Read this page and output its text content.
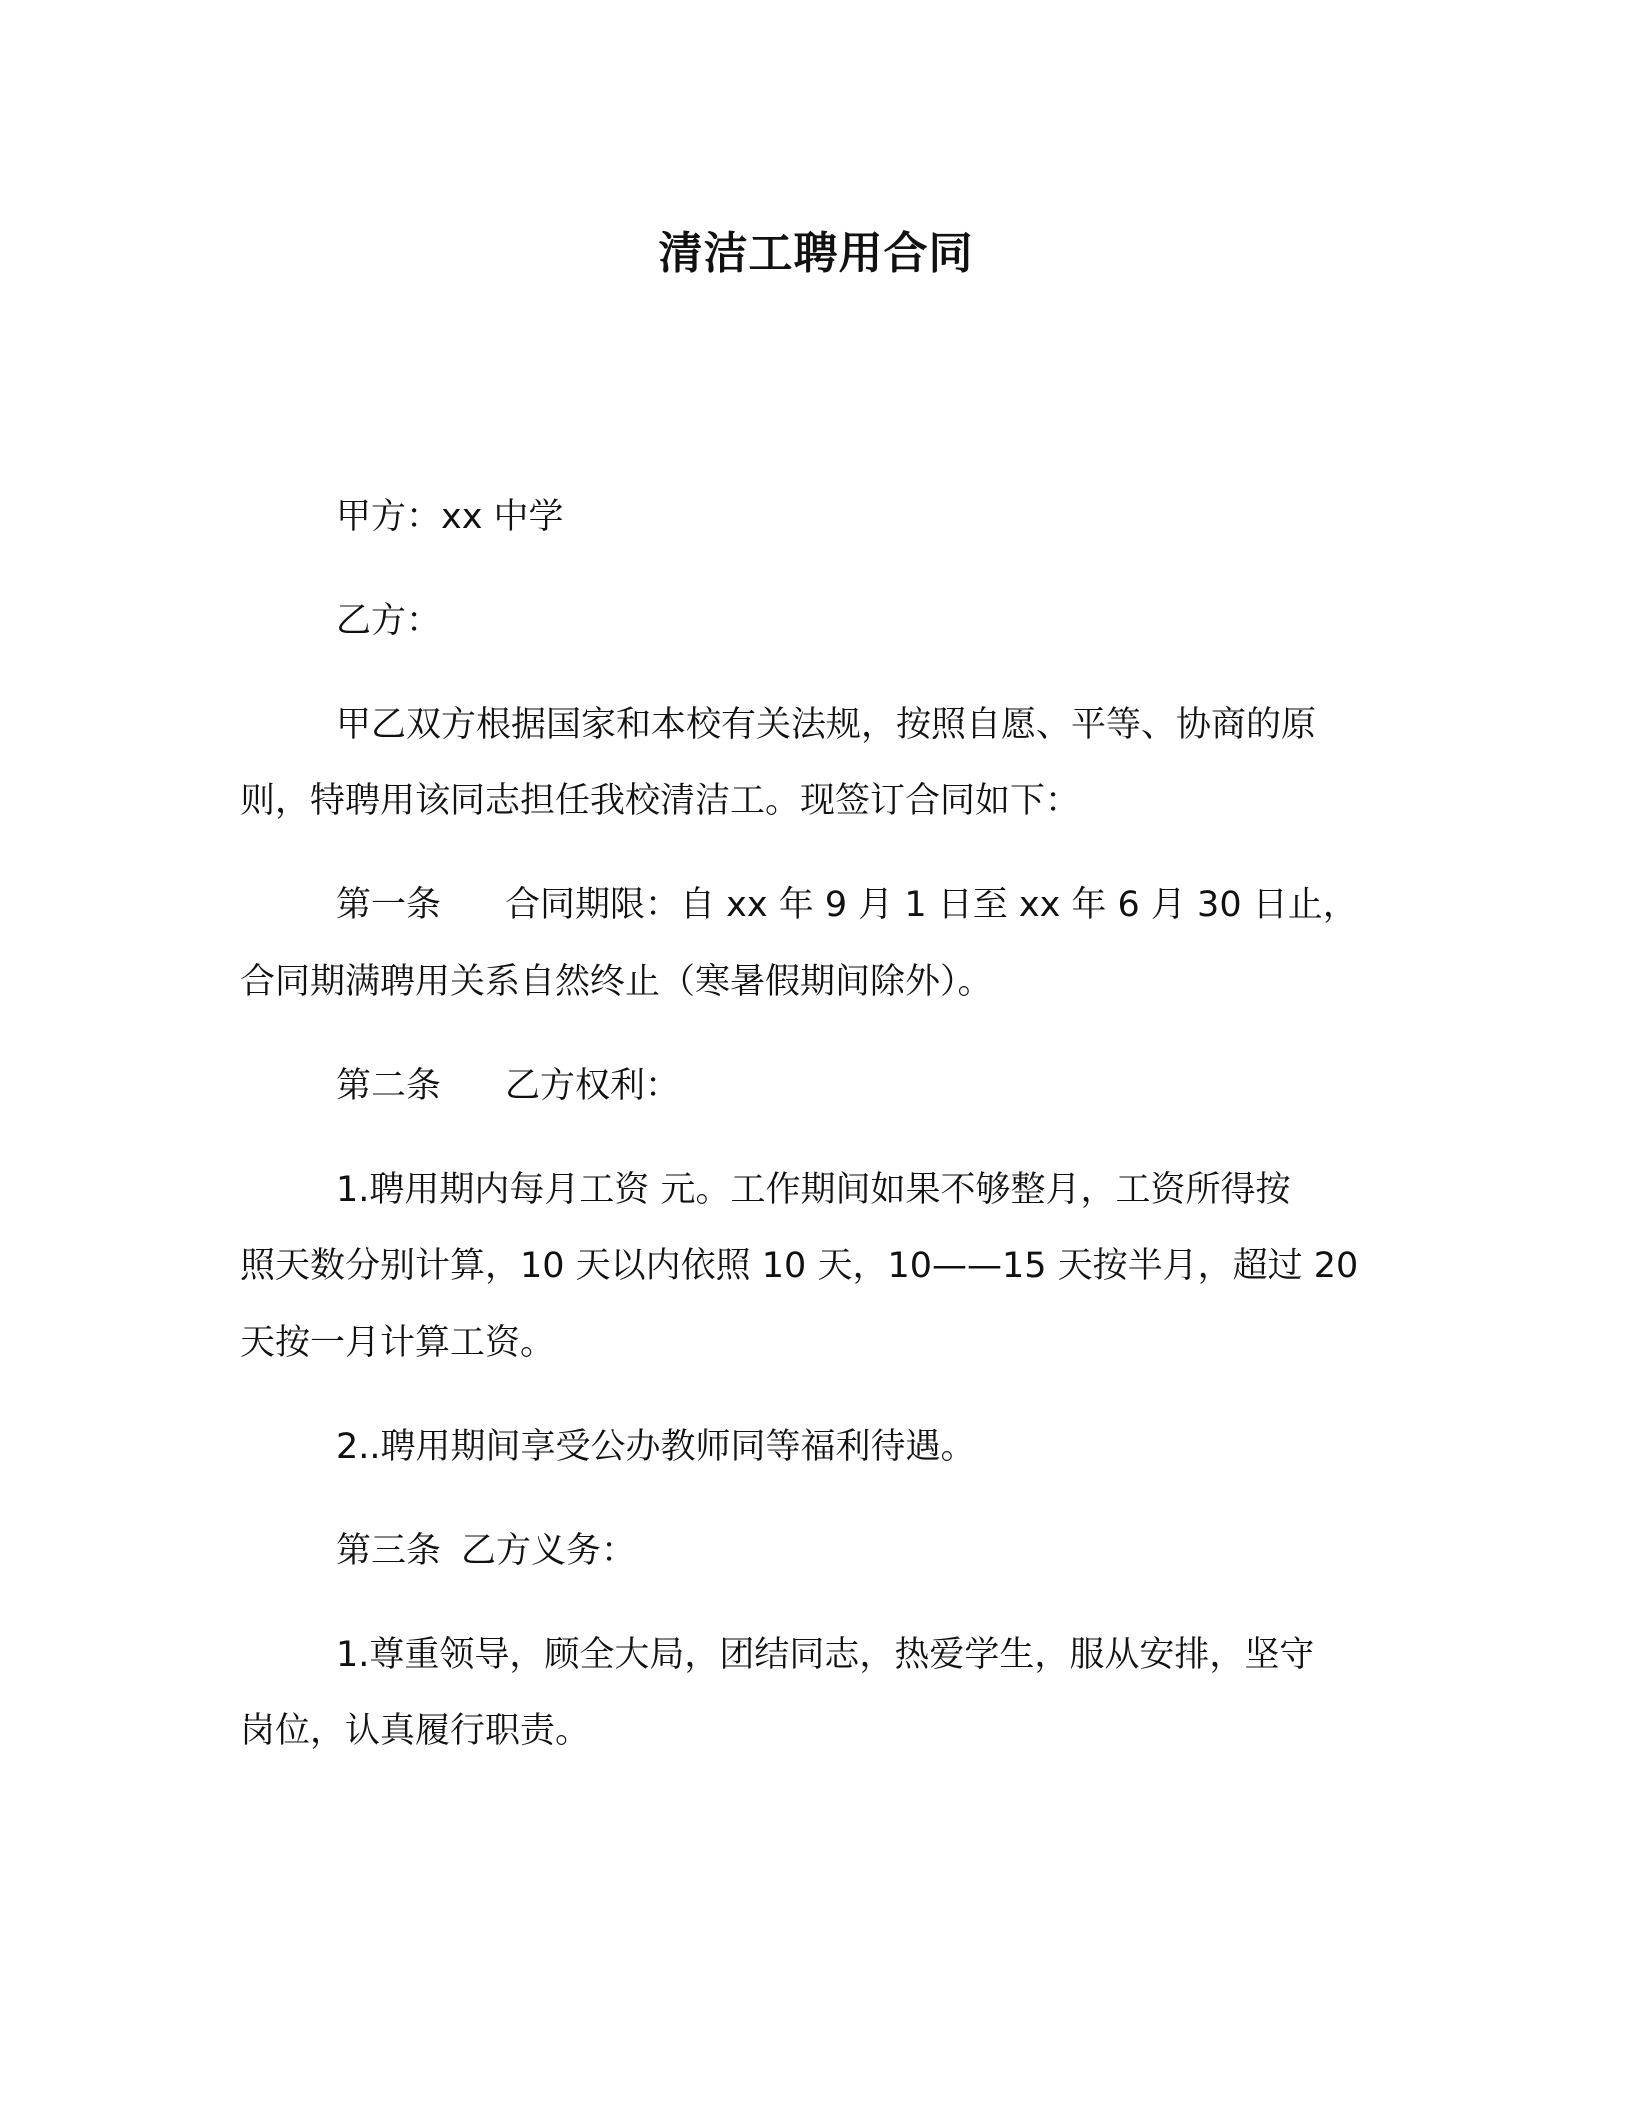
清洁工聘用合同
甲方：xx 中学
乙方：
甲乙双方根据国家和本校有关法规，按照自愿、平等、协商的原
则，特聘用该同志担任我校清洁工。现签订合同如下：
第一条 合同期限：自 xx 年 9 月 1 日至 xx 年 6 月 30 日止，
合同期满聘用关系自然终止（寒暑假期间除外）。
第二条 乙方权利：
1.聘用期内每月工资 元。工作期间如果不够整月，工资所得按
照天数分别计算，10 天以内依照 10 天，10——15 天按半月，超过 20
天按一月计算工资。
2..聘用期间享受公办教师同等福利待遇。
第三条 乙方义务：
1.尊重领导，顾全大局，团结同志，热爱学生，服从安排，坚守
岗位，认真履行职责。
